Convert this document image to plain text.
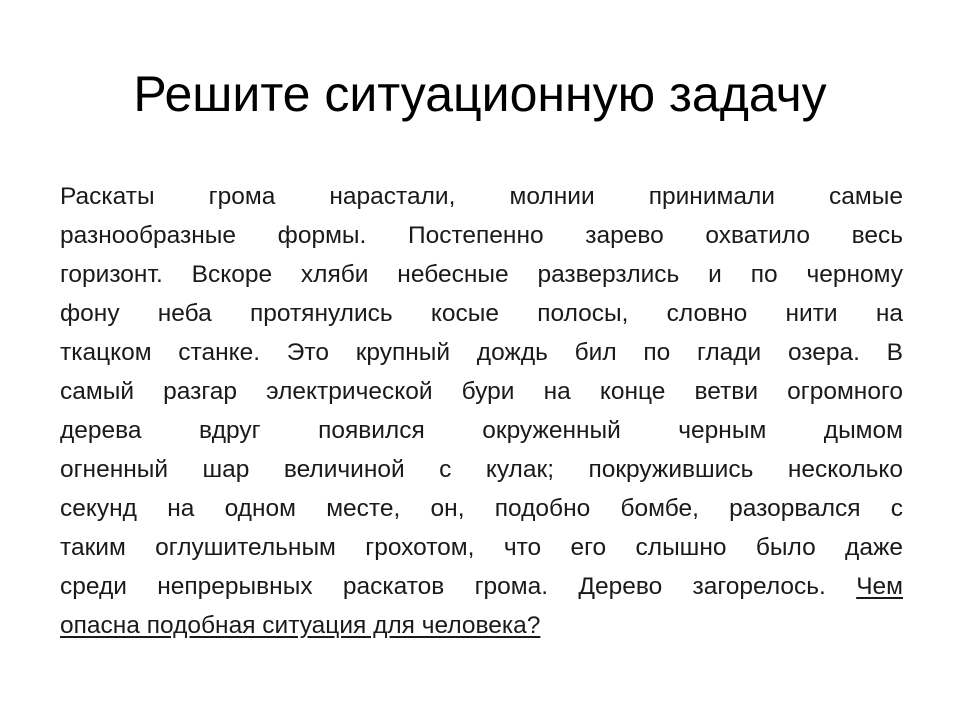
Решите ситуационную задачу
Раскаты грома нарастали, молнии принимали самые
разнообразные формы. Постепенно зарево охватило весь
горизонт. Вскоре хляби небесные разверзлись и по черному
фону неба протянулись косые полосы, словно нити на
ткацком станке. Это крупный дождь бил по глади озера. В
самый разгар электрической бури на конце ветви огромного
дерева вдруг появился окруженный черным дымом
огненный шар величиной с кулак; покружившись несколько
секунд на одном месте, он, подобно бомбе, разорвался с
таким оглушительным грохотом, что его слышно было даже
среди непрерывных раскатов грома. Дерево загорелось. Чем
опасна подобная ситуация для человека?
